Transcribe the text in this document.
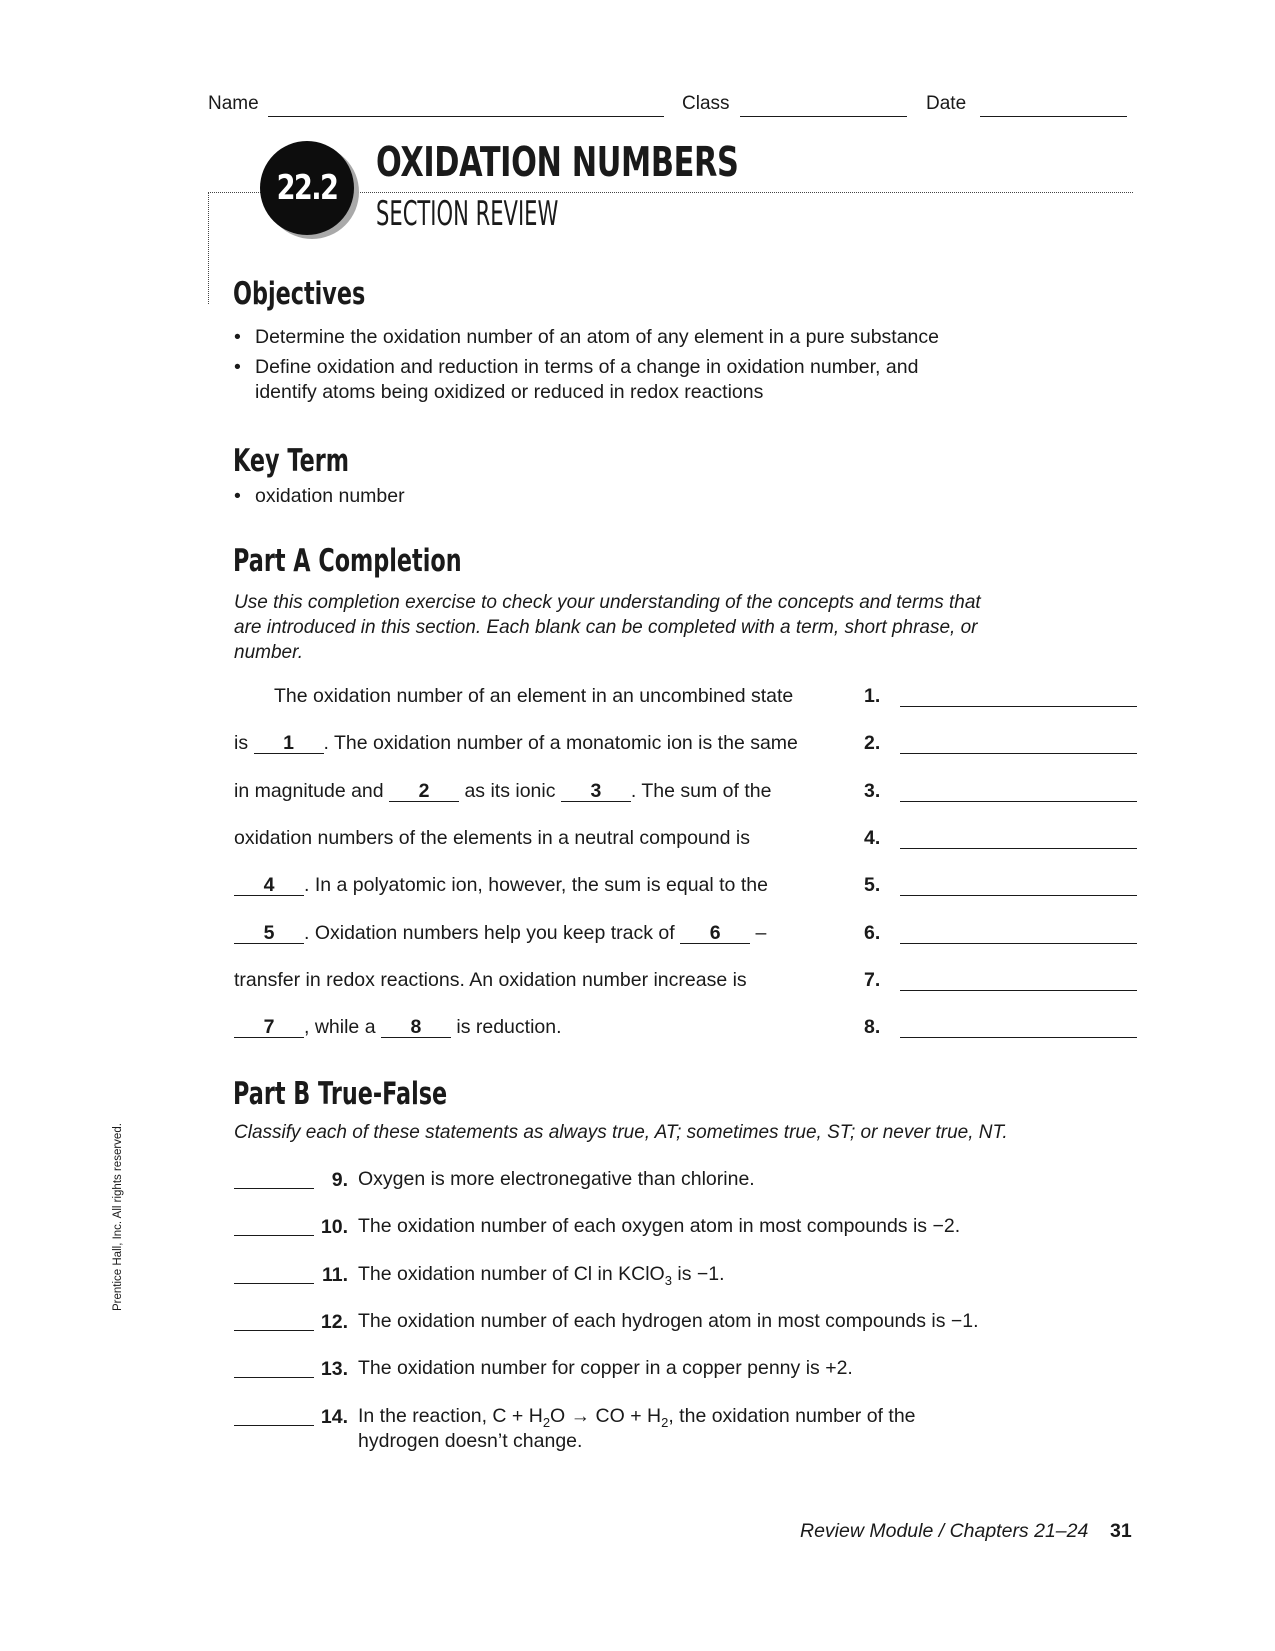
Name	Class	Date
22.2
OXIDATION NUMBERS
SECTION REVIEW
Objectives
• Determine the oxidation number of an atom of any element in a pure substance
• Define oxidation and reduction in terms of a change in oxidation number, and
identify atoms being oxidized or reduced in redox reactions
Key Term
• oxidation number
Part A Completion
Use this completion exercise to check your understanding of the concepts and terms that are introduced in this section. Each blank can be completed with a term, short phrase, or number.
The oxidation number of an element in an uncombined state
is 1 . The oxidation number of a monatomic ion is the same
in magnitude and 2 as its ionic 3 . The sum of the
oxidation numbers of the elements in a neutral compound is
4 . In a polyatomic ion, however, the sum is equal to the
5 . Oxidation numbers help you keep track of 6 –
transfer in redox reactions. An oxidation number increase is
7 , while a 8 is reduction.
1.
2.
3.
4.
5.
6.
7.
8.
Part B True-False
Classify each of these statements as always true, AT; sometimes true, ST; or never true, NT.
9. Oxygen is more electronegative than chlorine.
10. The oxidation number of each oxygen atom in most compounds is −2.
11. The oxidation number of Cl in KClO$_3$ is −1.
12. The oxidation number of each hydrogen atom in most compounds is −1.
13. The oxidation number for copper in a copper penny is +2.
14. In the reaction, $C + H_2O$ → CO + $H_2$, the oxidation number of the
hydrogen doesn’t change.
Prentice Hall, Inc. All rights reserved.
Review Module / Chapters 21–24 31
